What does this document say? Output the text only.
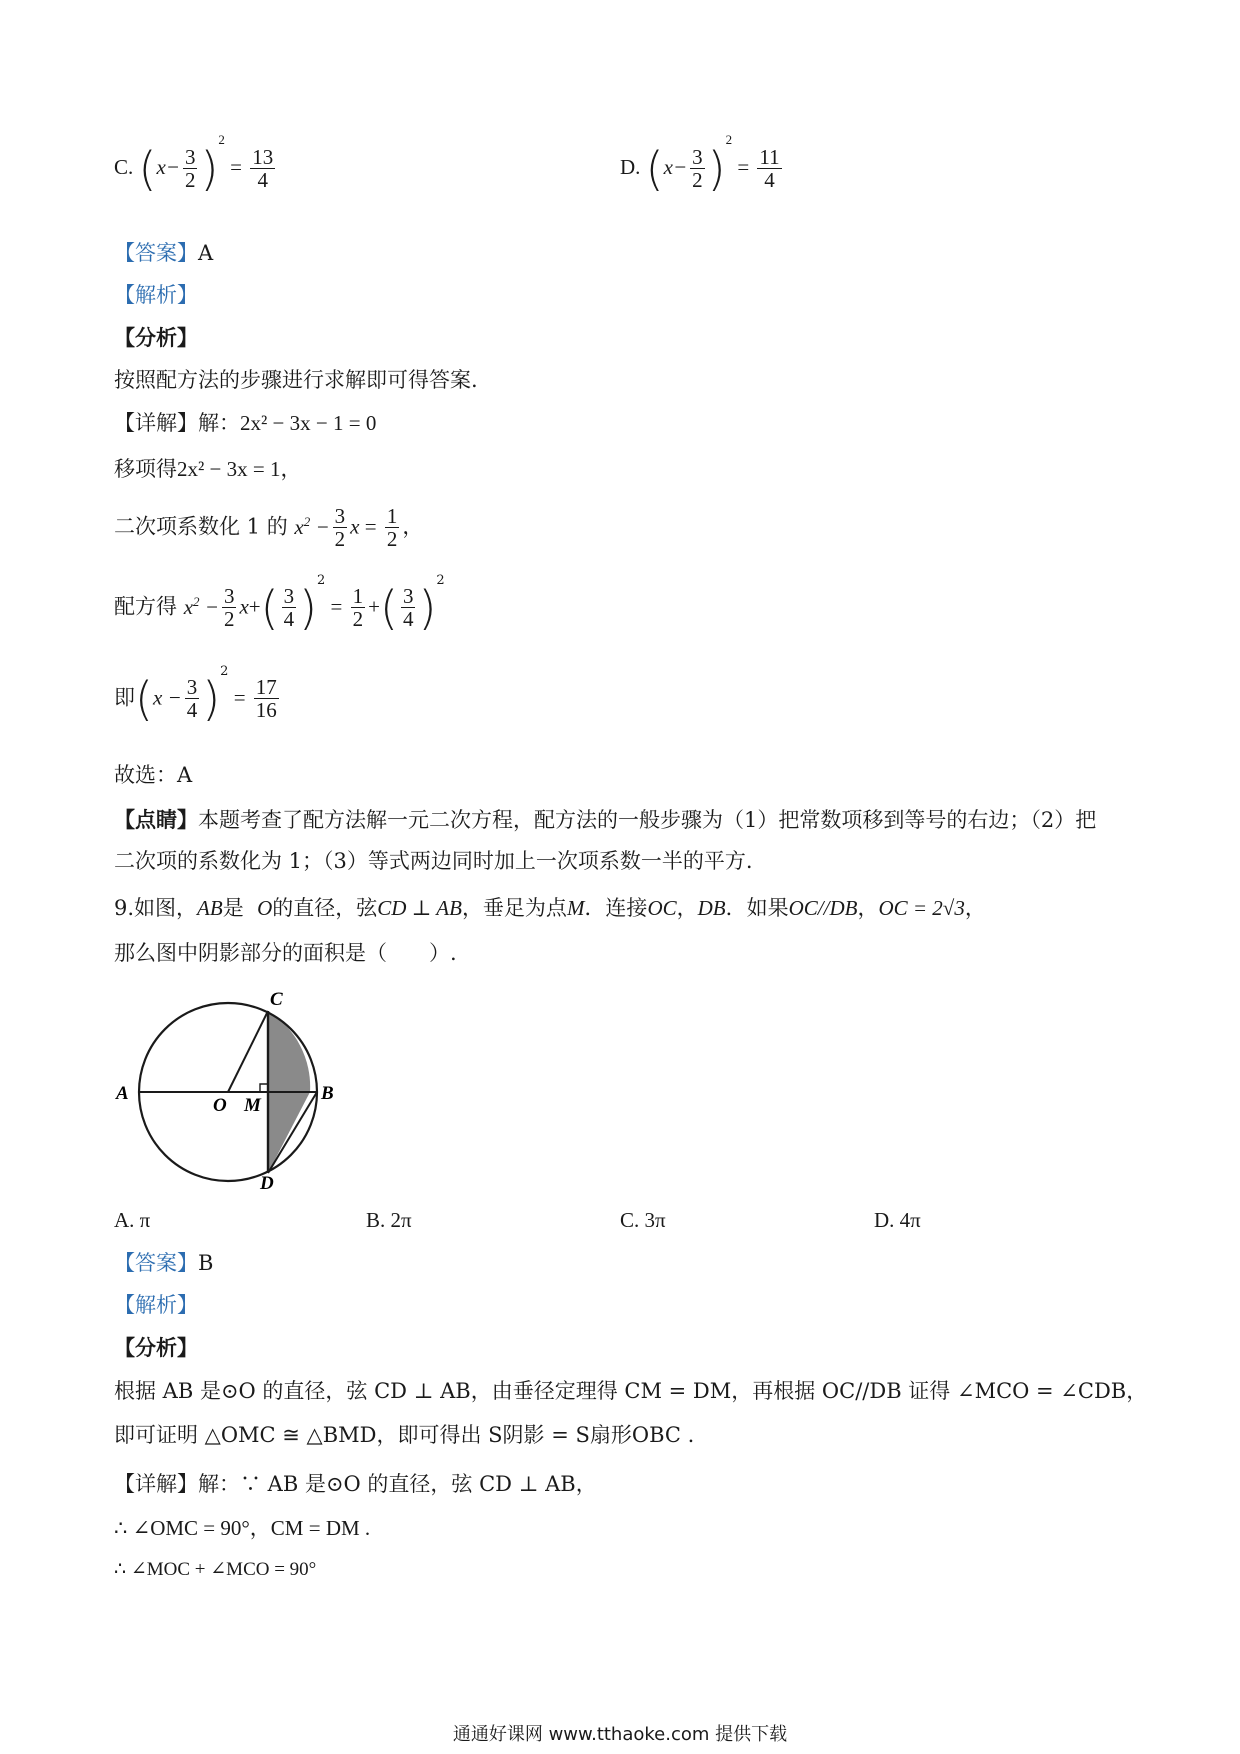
C. $(x- \frac{3}{2} )^2 = \frac{13}{4}$	D. $(x- \frac{3}{2} )^2 = \frac{11}{4}$
【答案】A
【解析】
【分析】
按照配方法的步骤进行求解即可得答案.
【详解】解：2x² − 3x − 1 = 0
移项得2x² − 3x = 1，
二次项系数化 1 的 $x^2 - \frac{3}{2}$ $x = \frac{1}{2}$ ，
配方得 $x^2 - \frac{3}{2} x+( \frac{3}{4} )^2 = \frac{1}{2}$ +( $\frac{3}{4} )^2$
即$(x - \frac{3}{4} )^2 = \frac{17}{16}$
故选：A
【点睛】本题考查了配方法解一元二次方程，配方法的一般步骤为（1）把常数项移到等号的右边；（2）把
二次项的系数化为 1；（3）等式两边同时加上一次项系数一半的平方.
9.如图，AB是 O的直径，弦CD ⊥ AB，垂足为点M．连接OC，DB．如果OC//DB，OC = 2√3，
那么图中阴影部分的面积是（　　）.
A	B
C
D
O M
A. π	B. 2π	C. 3π	D. 4π
【答案】B
【解析】
【分析】
根据 AB 是⊙O 的直径，弦 CD ⊥ AB，由垂径定理得 CM = DM，再根据 OC//DB 证得 ∠MCO = ∠CDB，
即可证明 △OMC ≅ △BMD，即可得出 S阴影 = S扇形OBC .
【详解】解：∵ AB 是⊙O 的直径，弦 CD ⊥ AB，
∴ ∠OMC = 90°，CM = DM .
∴ ∠MOC + ∠MCO = 90°
通通好课网 www.tthaoke.com 提供下载
